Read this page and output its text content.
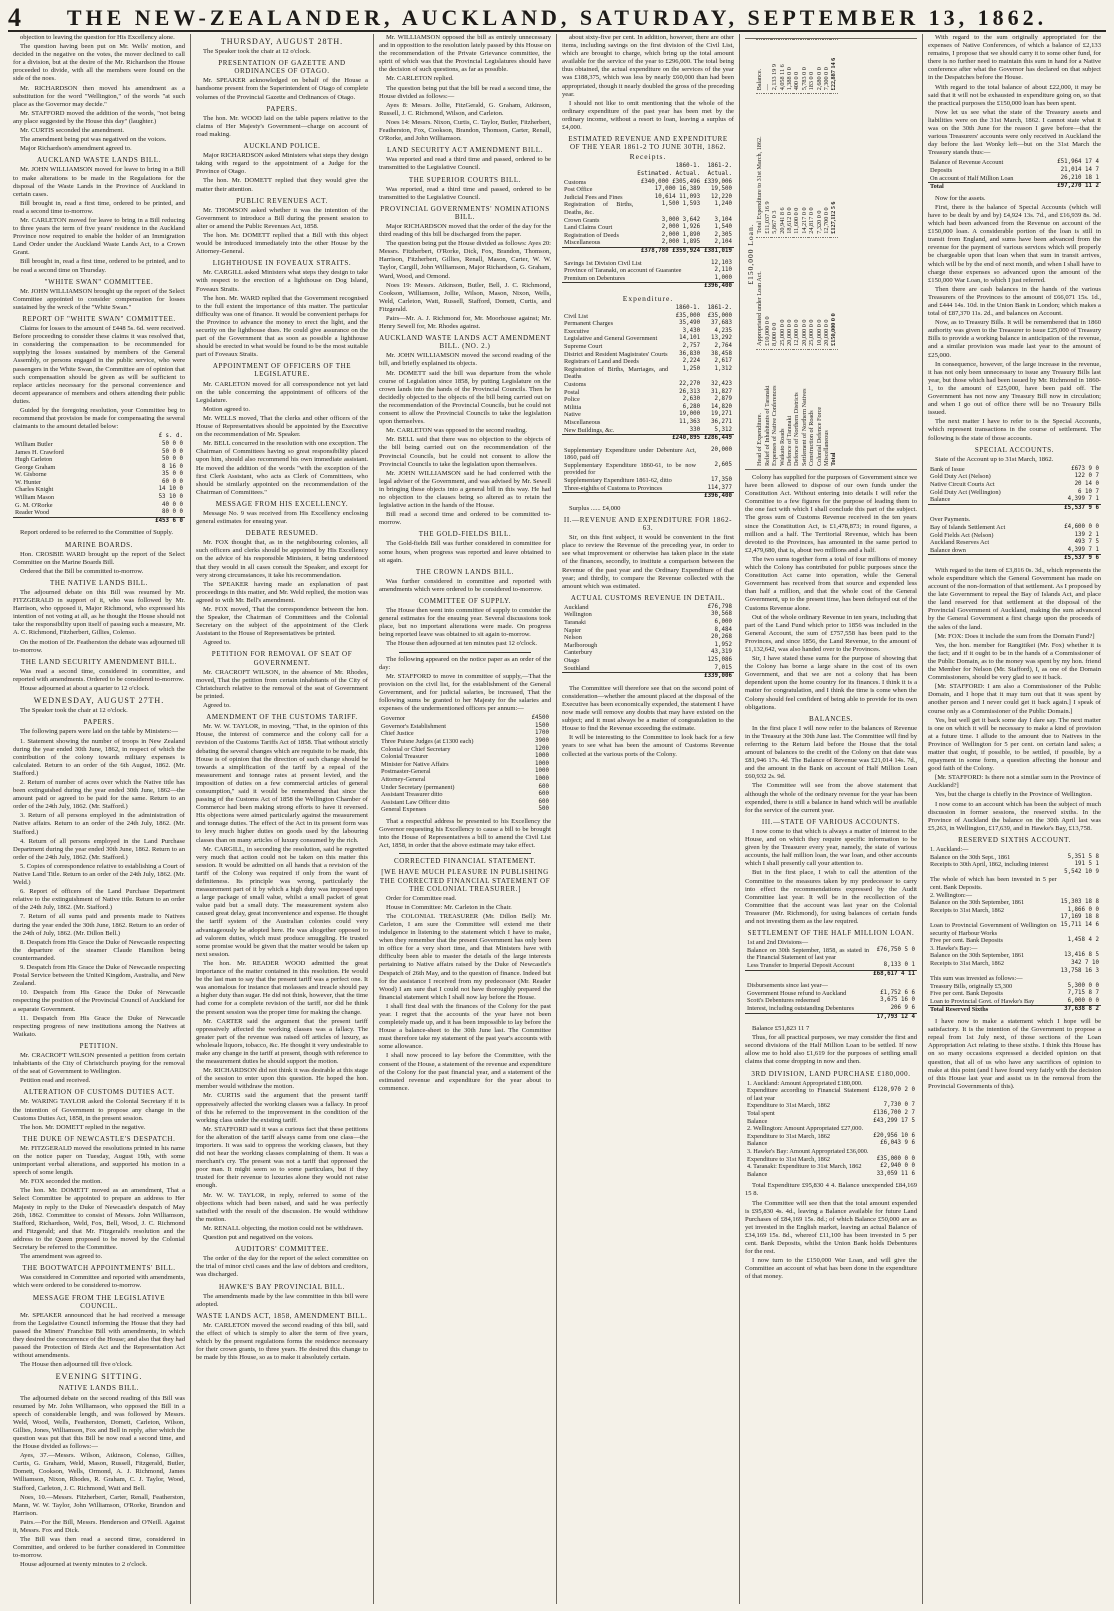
4	THE NEW-ZEALANDER, AUCKLAND, SATURDAY, SEPTEMBER 13, 1862.

objection to leaving the question for His Excellency alone.

The question having been put on Mr. Wells' motion, and decided in the negative on the votes, the mover declined to call for a division, but at the desire of the Mr. Richardson the House proceeded to divide, with all the members were found on the side of the noes.

Mr. RICHARDSON then moved his amendment as a substitution for the word "Wellington," of the words "at such place as the Governor may decide."

Mr. STAFFORD moved the addition of the words, "not being any place suggested by the House this day" (laughter.)

Mr. CURTIS seconded the amendment.

The amendment being put was negatived on the voices.

Major Richardson's amendment agreed to.

AUCKLAND WASTE LANDS BILL.

Mr. JOHN WILLIAMSON moved for leave to bring in a Bill to make alterations to be made in the Regulations for the disposal of the Waste Lands in the Province of Auckland in certain cases.

Bill brought in, read a first time, ordered to be printed, and read a second time to-morrow.

Mr. CARLETON moved for leave to bring in a Bill reducing to three years the term of five years' residence in the Auckland Province now required to enable the holder of an Immigration Land Order under the Auckland Waste Lands Act, to a Crown Grant.

Bill brought in, read a first time, ordered to be printed, and to be read a second time on Thursday.

"WHITE SWAN" COMMITTEE.

Mr. JOHN WILLIAMSON brought up the report of the Select Committee appointed to consider compensation for losses sustained by the wreck of the "White Swan."

REPORT OF "WHITE SWAN" COMMITTEE.

Claims for losses to the amount of £448 5s. 6d. were received. Before proceeding to consider these claims it was resolved that, in considering the compensation to be recommended for supplying the losses sustained by members of the General Assembly, or persons engaged in the public service, who were passengers in the White Swan, the Committee are of opinion that such compensation should be given as will be sufficient to replace articles necessary for the personal convenience and decent appearance of members and others attending their public duties.

Guided by the foregoing resolution, your Committee beg to recommend that provision be made for compensating the several claimants to the amount detailed below:

	£ s. d.
William Butler	50 0 0
James H. Crawford	50 0 0
Hugh Carleton	50 0 0
George Graham	8 16 0
W. Gisborne	35 0 0
W. Hunter	60 0 0
Charles Knight	14 10 0
William Mason	53 10 0
G. M. O'Rorke	40 0 0
Reader Wood	80 0 0
	£453 6 0

Report ordered to be referred to the Committee of Supply.

MARINE BOARDS.

Hon. CROSBIE WARD brought up the report of the Select Committee on the Marine Boards Bill.

Ordered that the Bill be committed to-morrow.

THE NATIVE LANDS BILL.

The adjourned debate on this Bill was resumed by Mr. FITZGERALD in support of it, who was followed by Mr. Harrison, who opposed it, Major Richmond, who expressed his intention of not voting at all, as he thought the House should not take the responsibility upon itself of passing such a measure, Mr. A. C. Richmond, Fitzherbert, Gillies, Colenso.

On the motion of Dr. Featherston the debate was adjourned till to-morrow.

THE LAND SECURITY AMENDMENT BILL.

Was read a second time, considered in committee, and reported with amendments. Ordered to be considered to-morrow.

House adjourned at about a quarter to 12 o'clock.

WEDNESDAY, AUGUST 27TH.

The Speaker took the chair at 12 o'clock.

PAPERS.

The following papers were laid on the table by Ministers:—

1. Statement showing the number of troops in New Zealand during the year ended 30th June, 1862, in respect of which the contribution of the colony towards military expenses is calculated. Return to an order of the 6th August, 1862. (Mr. Stafford.)

2. Return of number of acres over which the Native title has been extinguished during the year ended 30th June, 1862—the amount paid or agreed to be paid for the same. Return to an order of the 24th July, 1862. (Mr. Stafford.)

3. Return of all persons employed in the administration of Native affairs. Return to an order of the 24th July, 1862. (Mr. Stafford.)

4. Return of all persons employed in the Land Purchase Department during the year ended 30th June, 1862. Return to an order of the 24th July, 1862. (Mr. Stafford.)

5. Copies of correspondence relative to establishing a Court of Native Land Title. Return to an order of the 24th July, 1862. (Mr. Weld.)

6. Report of officers of the Land Purchase Department relative to the extinguishment of Native title. Return to an order of the 24th July, 1862. (Mr. Stafford.)

7. Return of all sums paid and presents made to Natives during the year ended the 30th June, 1862. Return to an order of the 24th of July, 1862. (Mr. Dillon Bell.)

8. Despatch from His Grace the Duke of Newcastle respecting the departure of the steamer Claude Hamilton being countermanded.

9. Despatch from His Grace the Duke of Newcastle respecting Postal Service between the United Kingdom, Australia, and New Zealand.

10. Despatch from His Grace the Duke of Newcastle respecting the position of the Provincial Council of Auckland for a separate Government.

11. Despatch from His Grace the Duke of Newcastle respecting progress of new institutions among the Natives at Waikato.

PETITION.

Mr. CRACROFT WILSON presented a petition from certain inhabitants of the City of Christchurch praying for the removal of the seat of Government to Wellington.

Petition read and received.

ALTERATION OF CUSTOMS DUTIES ACT.

Mr. WARING TAYLOR asked the Colonial Secretary if it is the intention of Government to propose any change in the Customs Duties Act, 1858, in the present session.

The hon. Mr. DOMETT replied in the negative.

THE DUKE OF NEWCASTLE'S DESPATCH.

Mr. FITZGERALD moved the resolutions printed in his name on the notice paper on Tuesday, August 19th, with some unimportant verbal alterations, and supported his motion in a speech of some length.

Mr. FOX seconded the motion.

The hon. Mr. DOMETT moved as an amendment, That a Select Committee be appointed to prepare an address to Her Majesty in reply to the Duke of Newcastle's despatch of May 26th, 1862. Committee to consist of Messrs. John Williamson, Stafford, Richardson, Weld, Fox, Bell, Wood, J. C. Richmond and Fitzgerald; and that Mr. Fitzgerald's resolution and the address to the Queen proposed to be moved by the Colonial Secretary be referred to the Committee.

The amendment was agreed to.

THE BOOTWATCH APPOINTMENTS' BILL.

Was considered in Committee and reported with amendments, which were ordered to be considered to-morrow.

MESSAGE FROM THE LEGISLATIVE COUNCIL.

Mr. SPEAKER announced that he had received a message from the Legislative Council informing the House that they had passed the Miners' Franchise Bill with amendments, in which they desired the concurrence of the House; and also that they had passed the Protection of Birds Act and the Representation Act without amendments.

The House then adjourned till five o'clock.

EVENING SITTING.

NATIVE LANDS BILL.

The adjourned debate on the second reading of this Bill was resumed by Mr. John Williamson, who opposed the Bill in a speech of considerable length, and was followed by Messrs. Weld, Wood, Wells, Featherston, Domett, Carleton, Wilson, Gillies, Jones, Williamson, Fox and Bell in reply, after which the question was put that this Bill be now read a second time, and the House divided as follows:—

Ayes, 37.—Messrs. Wilson, Atkinson, Colenso, Gillies, Curtis, G. Graham, Weld, Mason, Russell, Fitzgerald, Butler, Domett, Cookson, Wells, Ormond, A. J. Richmond, James Williamson, Nixon, Rhodes, R. Graham, C. J. Taylor, Wood, Stafford, Carleton, J. C. Richmond, Watt and Bell.

Noes, 10.—Messrs. Fitzherbert, Carter, Renall, Featherston, Mann, W. W. Taylor, John Williamson, O'Rorke, Brandon and Harrison.

Pairs.—For the Bill, Messrs. Henderson and O'Neill. Against it, Messrs. Fox and Dick.

The Bill was then read a second time, considered in Committee, and ordered to be further considered in Committee to-morrow.

House adjourned at twenty minutes to 2 o'clock.

THURSDAY, AUGUST 28TH.

The Speaker took the chair at 12 o'clock.

PRESENTATION OF GAZETTE AND ORDINANCES OF OTAGO.

Mr. SPEAKER acknowledged on behalf of the House a handsome present from the Superintendent of Otago of complete volumes of the Provincial Gazette and Ordinances of Otago.

PAPERS.

The hon. Mr. WOOD laid on the table papers relative to the claims of Her Majesty's Government—charge on account of road making.

AUCKLAND POLICE.

Major RICHARDSON asked Ministers what steps they design taking with regard to the appointment of a Judge for the Province of Otago.

The hon. Mr. DOMETT replied that they would give the matter their attention.

PUBLIC REVENUES ACT.

Mr. THOMSON asked whether it was the intention of the Government to introduce a Bill during the present session to alter or amend the Public Revenues Act, 1858.

The hon. Mr. DOMETT replied that a Bill with this object would be introduced immediately into the other House by the Attorney-General.

LIGHTHOUSE IN FOVEAUX STRAITS.

Mr. CARGILL asked Ministers what steps they design to take with respect to the erection of a lighthouse on Dog Island, Foveaux Straits.

The hon. Mr. WARD replied that the Government recognised to the full extent the importance of this matter. The particular difficulty was one of finance. It would be convenient perhaps for the Province to advance the money to erect the light, and the security on the lighthouse dues. He could give assurance on the part of the Government that as soon as possible a lighthouse should be erected in what would be found to be the most suitable part of Foveaux Straits.

APPOINTMENT OF OFFICERS OF THE LEGISLATURE.

Mr. CARLETON moved for all correspondence not yet laid on the table concerning the appointment of officers of the Legislature.

Motion agreed to.

Mr. WELLS moved, That the clerks and other officers of the House of Representatives should be appointed by the Executive on the recommendation of Mr. Speaker.

Mr. BELL concurred in the resolution with one exception. The Chairman of Committees having so great responsibility placed upon him, should also recommend his own immediate assistant. He moved the addition of the words "with the exception of the first Clerk Assistant, who acts as Clerk of Committees, who should be similarly appointed on the recommendation of the Chairman of Committees."

MESSAGE FROM HIS EXCELLENCY.

Message No. 9 was received from His Excellency enclosing general estimates for ensuing year.

DEBATE RESUMED.

Mr. FOX thought that, as in the neighbouring colonies, all such officers and clerks should be appointed by His Excellency on the advice of his responsible Ministers, it being understood that they would in all cases consult the Speaker, and except for very strong circumstances, it take his recommendation.

The SPEAKER having made an explanation of past proceedings in this matter, and Mr. Weld replied, the motion was agreed to with Mr. Bell's amendment.

Mr. FOX moved, That the correspondence between the hon. the Speaker, the Chairman of Committees and the Colonial Secretary on the subject of the appointment of the Clerk Assistant to the House of Representatives be printed.

Agreed to.

PETITION FOR REMOVAL OF SEAT OF GOVERNMENT.

Mr. CRACROFT WILSON, in the absence of Mr. Rhodes, moved, That the petition from certain inhabitants of the City of Christchurch relative to the removal of the seat of Government be printed.

Agreed to.

AMENDMENT OF THE CUSTOMS TARIFF.

Mr. W. W. TAYLOR, in moving, "That, in the opinion of this House, the interest of commerce and the colony call for a revision of the Customs Tariffs Act of 1858. That without strictly debating the several changes which are requisite to be made, this House is of opinion that the direction of such change should be towards a simplification of the tariff by a repeal of the measurement and tonnage rates at present levied, and the imposition of duties on a few commercial articles of general consumption," said it would be remembered that since the passing of the Customs Act of 1858 the Wellington Chamber of Commerce had been making strong efforts to have it reversed. His objections were aimed particularly against the measurement and tonnage duties. The effect of the Act in its present form was to levy much higher duties on goods used by the labouring classes than on many articles of luxury consumed by the rich.

Mr. CARGILL, in seconding the resolution, said he regretted very much that action could not be taken on this matter this session. It would be admitted on all hands that a revision of the tariff of the Colony was required if only from the want of definiteness. Its principle was wrong, particularly the measurement part of it by which a high duty was imposed upon a large package of small value, whilst a small packet of great value paid but a small duty. The measurement system also caused great delay, great inconvenience and expense. He thought the tariff system of the Australian colonies could very advantageously be adopted here. He was altogether opposed to ad valorem duties, which must produce smuggling. He trusted some promise would be given that the matter would be taken up next session.

The hon. Mr. READER WOOD admitted the great importance of the matter contained in this resolution. He would be the last man to say that the present tariff was a perfect one. It was anomalous for instance that molasses and treacle should pay a higher duty than sugar. He did not think, however, that the time had come for a complete revision of the tariff, nor did he think the present session was the proper time for making the change.

Mr. CARTER said the argument that the present tariff oppressively affected the working classes was a fallacy. The greater part of the revenue was raised off articles of luxury, as wholesale liquors, tobacco, &c. He thought it very undesirable to make any change in the tariff at present, though with reference to the measurement duties he should support the motion.

Mr. RICHARDSON did not think it was desirable at this stage of the session to enter upon this question. He hoped the hon. member would withdraw the motion.

Mr. CURTIS said the argument that the present tariff oppressively affected the working classes was a fallacy. In proof of this he referred to the improvement in the condition of the working class under the existing tariff.

Mr. STAFFORD said it was a curious fact that these petitions for the alteration of the tariff always came from one class—the importers. It was said to oppress the working classes, but they did not hear the working classes complaining of them. It was a merchant's cry. The present was not a tariff that oppressed the poor man. It might seem so to some particulars, but if they trusted for their revenue to luxuries alone they would not raise enough.

Mr. W. W. TAYLOR, in reply, referred to some of the objections which had been raised, and said he was perfectly satisfied with the result of the discussion. He would withdraw the motion.

Mr. RENALL objecting, the motion could not be withdrawn.

Question put and negatived on the voices.

AUDITORS' COMMITTEE.

The order of the day for the report of the select committee on the trial of minor civil cases and the law of debtors and creditors, was discharged.

HAWKE'S BAY PROVINCIAL BILL.

The amendments made by the law committee in this bill were adopted.

WASTE LANDS ACT, 1858, AMENDMENT BILL.

Mr. CARLETON moved the second reading of this bill, said the effect of which is simply to alter the term of five years, which by the present regulations forms the residence necessary for their crown grants, to three years. He desired this change to be made by this House, so as to make it absolutely certain.

Mr. WILLIAMSON opposed the bill as entirely unnecessary and in opposition to the resolution lately passed by this House on the recommendation of the Private Grievance committee, the spirit of which was that the Provincial Legislatures should have the decision of such questions, as far as possible.

Mr. CARLETON replied.

The question being put that the bill be read a second time, the House divided as follows:—

Ayes 8: Messrs. Jollie, FitzGerald, G. Graham, Atkinson, Russell, J. C. Richmond, Wilson, and Carleton.

Noes 14: Messrs. Nixon, Curtis, C. Taylor, Butler, Fitzherbert, Featherston, Fox, Cookson, Brandon, Thomson, Carter, Renall, O'Rorke, and John Williamson.

LAND SECURITY ACT AMENDMENT BILL.

Was reported and read a third time and passed, ordered to be transmitted to the Legislative Council.

THE SUPERIOR COURTS BILL.

Was reported, read a third time and passed, ordered to be transmitted to the Legislative Council.

PROVINCIAL GOVERNMENTS' NOMINATIONS BILL.

Major RICHARDSON moved that the order of the day for the third reading of this bill be discharged from the paper.

The question being put the House divided as follows: Ayes 20: Messrs. Fitzherbert, O'Rorke, Dick, Fox, Brandon, Thomson, Harrison, Fitzherbert, Gillies, Renall, Mason, Carter, W. W. Taylor, Cargill, John Williamson, Major Richardson, G. Graham, Ward, Wood, and Ormond.

Noes 19: Messrs. Atkinson, Butler, Bell, J. C. Richmond, Cookson, Williamson, Jollie, Wilson, Mason, Nixon, Wells, Weld, Carleton, Watt, Russell, Stafford, Domett, Curtis, and Fitzgerald.

Pairs—Mr. A. J. Richmond for, Mr. Moorhouse against; Mr. Henry Sewell for, Mr. Rhodes against.

AUCKLAND WASTE LANDS ACT AMENDMENT BILL. (NO. 2.)

Mr. JOHN WILLIAMSON moved the second reading of the bill, and briefly explained its objects.

Mr. DOMETT said the bill was departure from the whole course of Legislation since 1858, by putting Legislature on the crown lands into the hands of the Provincial Councils. Then he decidedly objected to the objects of the bill being carried out on the recommendation of the Provincial Councils, but he could not consent to allow the Provincial Councils to take the legislation upon themselves.

Mr. CARLETON was opposed to the second reading.

Mr. BELL said that there was no objection to the objects of the bill being carried out on the recommendation of the Provincial Councils, but he could not consent to allow the Provincial Councils to take the legislation upon themselves.

Mr. JOHN WILLIAMSON said he had conferred with the legal adviser of the Government, and was advised by Mr. Sewell in bringing these objects into a general bill in this way. He had no objection to the clauses being so altered as to retain the legislative action in the hands of the House.

Bill read a second time and ordered to be committed to-morrow.

THE GOLD-FIELDS BILL.

The Gold-fields Bill was further considered in committee for some hours, when progress was reported and leave obtained to sit again.

THE CROWN LANDS BILL.

Was further considered in committee and reported with amendments which were ordered to be considered to-morrow.

COMMITTEE OF SUPPLY.

The House then went into committee of supply to consider the general estimates for the ensuing year. Several discussions took place, but no important alterations were made. On progress being reported leave was obtained to sit again to-morrow.

The House then adjourned at ten minutes past 12 o'clock.

The following appeared on the notice paper as an order of the day:

Mr. STAFFORD to move in committee of supply,—That the provision on the civil list, for the establishment of the General Government, and for judicial salaries, be increased, That the following sums be granted to her Majesty for the salaries and expenses of the undermentioned officers per annum:—

Governor	£4500
Governor's Establishment	1500
Chief Justice	1700
Three Puisne Judges (at £1300 each)	3900
Colonial or Chief Secretary	1200
Colonial Treasurer	1000
Minister for Native Affairs	1000
Postmaster-General	1000
Attorney-General	1000
Under Secretary (permanent)	600
Assistant Treasurer ditto	600
Assistant Law Officer ditto	600
General Expenses	500

That a respectful address be presented to his Excellency the Governor requesting his Excellency to cause a bill to be brought into the House of Representatives a bill to amend the Civil List Act, 1858, in order that the above estimate may take effect.

CORRECTED FINANCIAL STATEMENT.

[WE HAVE MUCH PLEASURE IN PUBLISHING THE CORRECTED FINANCIAL STATEMENT OF THE COLONIAL TREASURER.]

Order for Committee read.

House in Committee: Mr. Carleton in the Chair.

The COLONIAL TREASURER (Mr. Dillon Bell): Mr. Carleton, I am sure the Committee will extend me their indulgence in listening to the statement which I have to make, when they remember that the present Government has only been in office for a very short time, and that Ministers have with difficulty been able to master the details of the large interests pertaining to Native affairs raised by the Duke of Newcastle's Despatch of 26th May, and to the question of finance. Indeed but for the assistance I received from my predecessor (Mr. Reader Wood) I am sure that I could not have thoroughly prepared the financial statement which I shall now lay before the House.

I shall first deal with the finances of the Colony for the past year. I regret that the accounts of the year have not been completely made up, and it has been impossible to lay before the House a balance-sheet to the 30th June last. The Committee must therefore take my statement of the past year's accounts with some allowance.

I shall now proceed to lay before the Committee, with the consent of the House, a statement of the revenue and expenditure of the Colony for the past financial year, and a statement of the estimated revenue and expenditure for the year about to commence.

about sixty-five per cent. In addition, however, there are other items, including savings on the first division of the Civil List, which are brought to charge, which bring up the total amount available for the service of the year to £296,000. The total being thus obtained, the actual expenditure on the services of the year was £188,375, which was less by nearly £60,000 than had been appropriated, though it nearly doubled the gross of the preceding year.

I should not like to omit mentioning that the whole of the ordinary expenditure of the past year has been met by the ordinary income, without a resort to loan, leaving a surplus of £4,000.

ESTIMATED REVENUE AND EXPENDITURE OF THE YEAR 1861-2 TO JUNE 30TH, 1862.

Receipts.
	1860-1.	1861-2.
	Estimated. Actual.	Actual.
Customs	£340,000 £305,496	£339,006
Post Office	17,000 16,389	19,500
Judicial Fees and Fines	10,614 11,093	12,220
Registration of Births, Deaths, &c.	1,500 1,593	1,240
Crown Grants	3,000 3,642	3,104
Land Claims Court	2,000 1,926	1,540
Registration of Deeds	2,000 1,890	2,305
Miscellaneous	2,000 1,895	2,104
	£378,780 £359,924	£381,019
Savings 1st Division Civil List		12,103
Province of Taranaki, on account of Guarantee		2,110
Premium on Debentures		1,000
		£396,400
Expenditure.
	1860-1.	1861-2.
Civil List	£35,000	£35,000
Permanent Charges	35,490	37,683
Executive	3,430	4,235
Legislative and General Government	14,101	13,292
Supreme Court	2,757	2,764
District and Resident Magistrates' Courts	36,830	38,458
Registrars of Land and Deeds	2,224	2,617
Registration of Births, Marriages, and Deaths	1,250	1,312
Customs	22,270	32,423
Postal	26,313	31,827
Police	2,630	2,879
Militia	6,280	14,820
Native	19,000	19,271
Miscellaneous	11,363	36,271
New Buildings, &c.	330	5,312
	£240,895	£286,449
Supplementary Expenditure under Debenture Act, 1860, paid off		20,000
Supplementary Expenditure 1860-61, to be now provided for		2,605
Supplementary Expenditure 1861-62, ditto		17,350
Three-eighths of Customs to Provinces		114,377
		£396,400

Surplus ...... £4,000

II.—REVENUE AND EXPENDITURE FOR 1862-63.

Sir, on this first subject, it would be convenient in the first place to review the Revenue of the preceding year, in order to see what improvement or otherwise has taken place in the state of the finances, secondly, to institute a comparison between the Revenue of the past year and the Ordinary Expenditure of that year; and thirdly, to compare the Revenue collected with the amount which was estimated.

ACTUAL CUSTOMS REVENUE IN DETAIL.

Auckland	£76,798
Wellington	30,568
Taranaki	6,000
Napier	8,484
Nelson	20,268
Marlborough	1,952
Canterbury	43,319
Otago	125,086
Southland	7,015
	£339,006

The Committee will therefore see that on the second point of consideration—whether the amount placed at the disposal of the Executive has been economically expended, the statement I have now made will remove any doubts that may have existed on the subject; and it must always be a matter of congratulation to the House to find the Revenue exceeding the estimate.

It will be interesting to the Committee to look back for a few years to see what has been the amount of Customs Revenue collected at the various ports of the Colony.

£150,000 Loan.
Head of Expenditure.	Appropriated under Loan Act.	Total Expenditure to 31st March, 1862.	Balance.
Relief of Inhabitants of Taranaki	£10,000 0 0	£11,037 16 9	—
Expenses of Native Conferences	8,000 0 0	5,867 0 3	2,133 19 9
Waikato Roads	25,000 0 0	20,941 8 6	4,058 11 6
Defence of Taranaki	20,000 0 0	18,612 0 0	1,388 0 0
Defence of Northern Districts	12,000 0 0	11,600 0 0	400 0 0
Settlement of Northern Natives	20,000 0 0	14,217 0 0	5,783 0 0
Construction of Roads	25,000 0 0	24,817 0 0	183 0 0
Colonial Defence Force	10,000 0 0	7,320 0 0	2,680 0 0
Miscellaneous	20,000 0 0	12,700 0 0	7,300 0 0
Total	£150,000 0 0	£127,112 5 6	£22,887 14 6

Colony has supplied for the purposes of Government since we have been allowed to dispose of our own funds under the Constitution Act. Without entering into details I will refer the Committee to a few figures for the purpose of leading them to the one fact with which I shall conclude this part of the subject. The gross sum of Customs Revenue received in the ten years since the Constitution Act, is £1,478,873; in round figures, a million and a half. The Territorial Revenue, which has been devoted to the Provinces, has amounted in the same period to £2,479,680, that is, about two millions and a half.

The two sums together form a total of four millions of money which the Colony has contributed for public purposes since the Constitution Act came into operation, while the General Government has received from that source and expended less than half a million, and that the whole cost of the General Government, up to the present time, has been defrayed out of the Customs Revenue alone.

Out of the whole ordinary Revenue in ten years, including that part of the Land Fund which prior to 1856 was included in the General Account, the sum of £757,558 has been paid to the Provinces, and since 1856, the Land Revenue, to the amount of £1,132,642, was also handed over to the Provinces.

Sir, I have stated these sums for the purpose of showing that the Colony has borne a large share in the cost of its own Government, and that we are not a colony that has been dependent upon the home country for its finances. I think it is a matter for congratulation, and I think the time is come when the Colony should feel confident of being able to provide for its own obligations.

BALANCES.

In the first place I will now refer to the balances of Revenue in the Treasury at the 30th June last. The Committee will find by referring to the Return laid before the House that the total amount of balances to the credit of the Colony on that date was £81,946 17s. 4d. The Balance of Revenue was £21,014 14s. 7d., and the amount in the Bank on account of Half Million Loan £60,932 2s. 9d.

The Committee will see from the above statement that although the whole of the ordinary revenue for the year has been expended, there is still a balance in hand which will be available for the service of the current year.

III.—STATE OF VARIOUS ACCOUNTS.

I now come to that which is always a matter of interest to the House, and on which they require specific information to be given by the Treasurer every year, namely, the state of various accounts, the half million loan, the war loan, and other accounts which I shall presently call your attention to.

But in the first place, I wish to call the attention of the Committee to the measures taken by my predecessor to carry into effect the recommendations expressed by the Audit Committee last year. It will be in the recollection of the Committee that the account was last year on the Colonial Treasurer (Mr. Richmond), for using balances of certain funds and not investing them as the law required.

SETTLEMENT OF THE HALF MILLION LOAN.

1st and 2nd Divisions—	
Balance on 30th September, 1858, as stated in the Financial Statement of last year	£76,750 5 0
Less Transfer to Imperial Deposit Account	8,133 0 1
	£68,617 4 11
Disbursements since last year—	
Government House refund to Auckland	£1,752 6 6
Scott's Debentures redeemed	3,675 16 0
Interest, including outstanding Debentures	206 9 6
	17,793 12 4

Balance £51,823 11 7

Thus, for all practical purposes, we may consider the first and second divisions of the Half Million Loan to be settled. If now allow me to hold also £1,619 for the purposes of settling small claims that come dropping in now and then.

3RD DIVISION, LAND PURCHASE £180,000.

1. Auckland: Amount Appropriated £180,000.	
Expenditure according to Financial Statement of last year	£128,970 2 0
Expenditure to 31st March, 1862	7,730 0 7
Total spent	£136,700 2 7
Balance	£43,299 17 5
2. Wellington: Amount Appropriated £27,000.	
Expenditure to 31st March, 1862	£20,956 10 6
Balance	£6,043 9 6
3. Hawke's Bay: Amount Appropriated £36,000.	
Expenditure to 31st March, 1862	£35,000 0 0
4. Taranaki: Expenditure to 31st March, 1862	£2,940 0 0
Balance	33,059 11 6

Total Expenditure £95,830 4 4. Balance unexpended £84,169 15 8.

The Committee will see then that the total amount expended is £95,830 4s. 4d., leaving a Balance available for future Land Purchases of £84,169 15s. 8d.; of which Balance £50,000 are as yet invested in the English market, leaving an actual Balance of £34,169 15s. 8d., whereof £11,100 has been invested in 5 per cent. Bank Deposits, whilst the Union Bank holds Debentures for the rest.

I now turn to the £150,000 War Loan, and will give the Committee an account of what has been done in the expenditure of that money.

With regard to the sum originally appropriated for the expenses of Native Conferences, of which a balance of £2,133 remains, I propose that we should carry it to some other fund, for there is no further need to maintain this sum in hand for a Native conference after what the Governor has declared on that subject in the Despatches before the House.

With regard to the total balance of about £22,000, it may be said that it will not be exhausted in expenditure going on, so that the practical purposes the £150,000 loan has been spent.

Now let us see what the state of the Treasury assets and liabilities were on the 31st March, 1862. I cannot state what it was on the 30th June for the reason I gave before—that the various Treasurers' accounts were only received in Auckland the day before the last Wonky left—but on the 31st March the Treasury stands thus:—

Balance of Revenue Account	£51,964 17 4
Deposits	21,014 14 7
On account of Half Million Loan	26,210 18 1
Total	£97,270 11 2

Now for the assets.

First, there is the balance of Special Accounts (which will have to be dealt by and by) £4,924 13s. 7d., and £16,939 8s. 3d. which had been advanced from the Revenue on account of the £150,000 loan. A considerable portion of the loan is still in transit from England, and sums have been advanced from the revenue for the payment of various services which will properly be chargeable upon that loan when that sum in transit arrives, which will be by the end of next month, and when I shall have to charge these expenses so advanced upon the amount of the £150,000 War Loan, to which I just referred.

Then there are cash balances in the hands of the various Treasurers of the Provinces to the amount of £66,071 15s. 1d., and £444 14s. 10d. in the Union Bank in London; which makes a total of £87,370 11s. 2d., and balances on Account.

Now, as to Treasury Bills. It will be remembered that in 1860 authority was given to the Treasurer to issue £25,000 of Treasury Bills to provide a working balance in anticipation of the revenue, and a similar provision was made last year to the amount of £25,000.

In consequence, however, of the large increase in the revenue, it has not only been unnecessary to issue any Treasury Bills last year, but those which had been issued by Mr. Richmond in 1860-1, to the amount of £25,000, have been paid off. The Government has not now any Treasury Bill now in circulation; and when I go out of office there will be no Treasury Bills issued.

The next matter I have to refer to is the Special Accounts, which represent transactions in the course of settlement. The following is the state of those accounts.

SPECIAL ACCOUNTS.

State of the Account up to 31st March, 1862.

Bank of Issue	£673 9 0
Gold Duty Act (Nelson)	122 0 7
Native Circuit Courts Act	20 14 0
Gold Duty Act (Wellington)	6 10 7
Balance	4,399 7 1
	£5,537 9 6
Over Payments.	
Bay of Islands Settlement Act	£4,600 0 0
Gold Fields Act (Nelson)	139 2 1
Auckland Reserves Act	493 7 5
Balance down	4,399 7 1
	£5,537 9 6

With regard to the item of £3,816 0s. 3d., which represents the whole expenditure which the General Government has made on account of the non-formation of that settlement. As I proposed by the late Government to repeal the Bay of Islands Act, and place the land reserved for that settlement at the disposal of the Provincial Government of Auckland, making the sum advanced by the General Government a first charge upon the proceeds of the sales of the land.

[Mr. FOX: Does it include the sum from the Domain Fund?]

Yes, the hon. member for Rangitikei (Mr. Fox) whether it is the fact; and if it ought to be in the hands of a Commissioner of the Public Domain, as to the money was spent by my hon. friend the Member for Nelson (Mr. Stafford), I, as one of the Domain Commissioners, should be very glad to see it back.

[Mr. STAFFORD: I am also a Commissioner of the Public Domain, and I hope that it may turn out that it was spent by another person and I never could get it back again.] I speak of course only as a Commissioner of the Public Domain.]

Yes, but well get it back some day I dare say. The next matter is one on which it will be necessary to make a kind of provision at a future time. I allude to the amount due to Natives in the Province of Wellington for 5 per cent. on certain land sales; a matter that ought, if possible, to be settled, if possible, by a repayment in some form, a question affecting the honour and good faith of the Colony.

[Mr. STAFFORD: Is there not a similar sum in the Province of Auckland?]

Yes, but the charge is chiefly in the Province of Wellington.

I now come to an account which has been the subject of much discussion in former sessions, the reserved sixths. In the Province of Auckland the balance on the 30th April last was £5,263, in Wellington, £17,639, and in Hawke's Bay, £13,758.

RESERVED SIXTHS ACCOUNT.

1. Auckland:—	
Balance on the 30th Sept., 1861	5,351 5 8
Receipts to 30th April, 1862, including interest	191 5 1
	5,542 10 9
The whole of which has been invested in 5 per cent. Bank Deposits.	
2. Wellington:—	
Balance on the 30th September, 1861	15,303 18 8
Receipts to 31st March, 1862	1,866 0 0
	17,169 18 8
Loan to Provincial Government of Wellington on security of Harbour Works	15,711 14 6
Five per cent. Bank Deposits	1,458 4 2
3. Hawke's Bay:—	
Balance on the 30th September, 1861	13,416 8 5
Receipts to 31st March, 1862	342 7 10
	13,758 16 3
This sum was invested as follows:—	
Treasury Bills, originally £5,300	5,300 0 0
Five per cent. Bank Deposits	7,715 8 7
Loan to Provincial Govt. of Hawke's Bay	6,000 0 0
Total Reserved Sixths	37,638 8 2

I have now to make a statement which I hope will be satisfactory. It is the intention of the Government to propose a repeal from 1st July next, of those sections of the Loan Appropriation Act relating to these sixths. I think this House has on so many occasions expressed a decided opinion on that question, that all of us who have any sacrifices of opinion to make at this point (and I have found very fairly with the decision of this House last year and assist us in the removal from the Provincial Governments of this).
